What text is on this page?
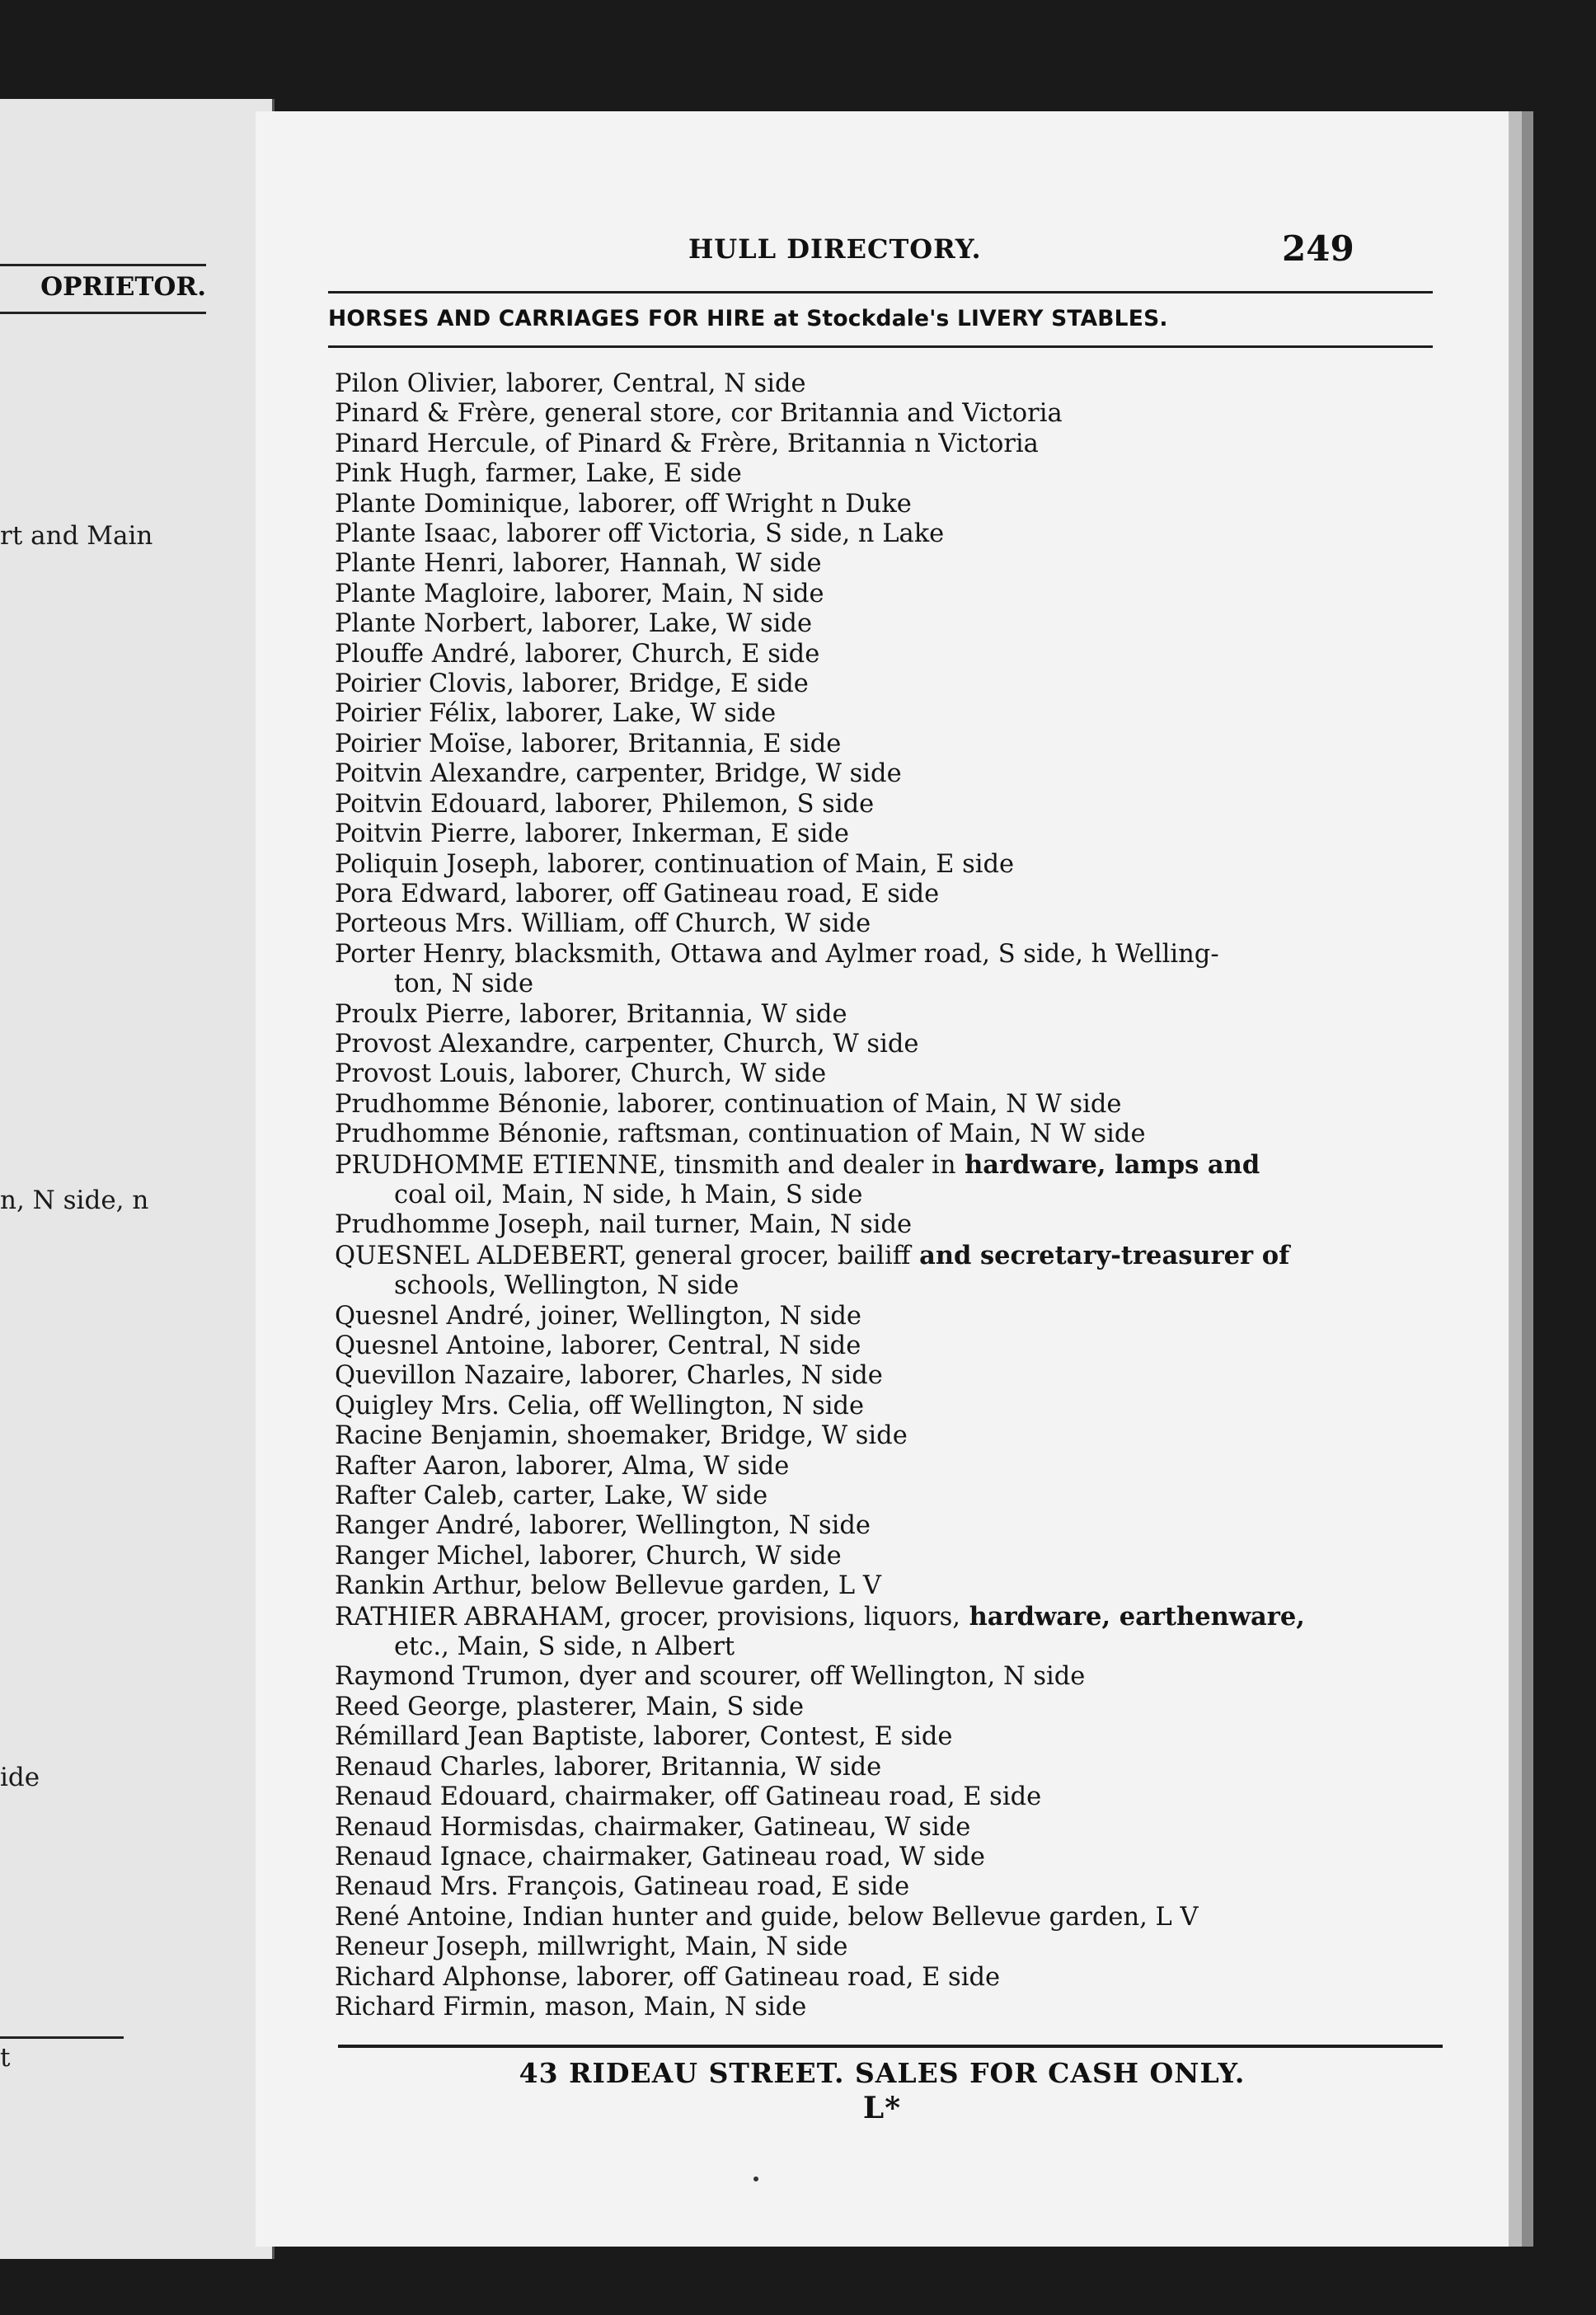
OPRIETOR.
rt and Main
n, N side, n
ide
t
HULL DIRECTORY.	249
HORSES AND CARRIAGES FOR HIRE at Stockdale's LIVERY STABLES.
Pilon Olivier, laborer, Central, N side
Pinard & Frère, general store, cor Britannia and Victoria
Pinard Hercule, of Pinard & Frère, Britannia n Victoria
Pink Hugh, farmer, Lake, E side
Plante Dominique, laborer, off Wright n Duke
Plante Isaac, laborer off Victoria, S side, n Lake
Plante Henri, laborer, Hannah, W side
Plante Magloire, laborer, Main, N side
Plante Norbert, laborer, Lake, W side
Plouffe André, laborer, Church, E side
Poirier Clovis, laborer, Bridge, E side
Poirier Félix, laborer, Lake, W side
Poirier Moïse, laborer, Britannia, E side
Poitvin Alexandre, carpenter, Bridge, W side
Poitvin Edouard, laborer, Philemon, S side
Poitvin Pierre, laborer, Inkerman, E side
Poliquin Joseph, laborer, continuation of Main, E side
Pora Edward, laborer, off Gatineau road, E side
Porteous Mrs. William, off Church, W side
Porter Henry, blacksmith, Ottawa and Aylmer road, S side, h Welling-
ton, N side
Proulx Pierre, laborer, Britannia, W side
Provost Alexandre, carpenter, Church, W side
Provost Louis, laborer, Church, W side
Prudhomme Bénonie, laborer, continuation of Main, N W side
Prudhomme Bénonie, raftsman, continuation of Main, N W side
PRUDHOMME ETIENNE, tinsmith and dealer in hardware, lamps and
coal oil, Main, N side, h Main, S side
Prudhomme Joseph, nail turner, Main, N side
QUESNEL ALDEBERT, general grocer, bailiff and secretary-treasurer of
schools, Wellington, N side
Quesnel André, joiner, Wellington, N side
Quesnel Antoine, laborer, Central, N side
Quevillon Nazaire, laborer, Charles, N side
Quigley Mrs. Celia, off Wellington, N side
Racine Benjamin, shoemaker, Bridge, W side
Rafter Aaron, laborer, Alma, W side
Rafter Caleb, carter, Lake, W side
Ranger André, laborer, Wellington, N side
Ranger Michel, laborer, Church, W side
Rankin Arthur, below Bellevue garden, L V
RATHIER ABRAHAM, grocer, provisions, liquors, hardware, earthenware,
etc., Main, S side, n Albert
Raymond Trumon, dyer and scourer, off Wellington, N side
Reed George, plasterer, Main, S side
Rémillard Jean Baptiste, laborer, Contest, E side
Renaud Charles, laborer, Britannia, W side
Renaud Edouard, chairmaker, off Gatineau road, E side
Renaud Hormisdas, chairmaker, Gatineau, W side
Renaud Ignace, chairmaker, Gatineau road, W side
Renaud Mrs. François, Gatineau road, E side
René Antoine, Indian hunter and guide, below Bellevue garden, L V
Reneur Joseph, millwright, Main, N side
Richard Alphonse, laborer, off Gatineau road, E side
Richard Firmin, mason, Main, N side
43 RIDEAU STREET. SALES FOR CASH ONLY.
L*
